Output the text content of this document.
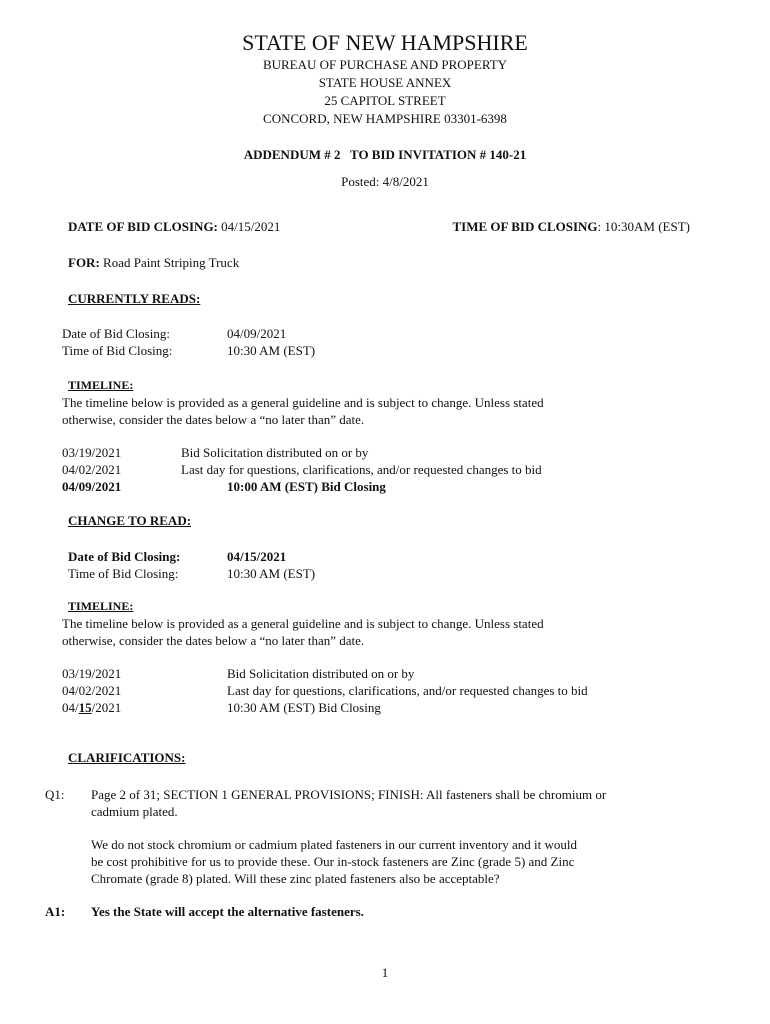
STATE OF NEW HAMPSHIRE
BUREAU OF PURCHASE AND PROPERTY
STATE HOUSE ANNEX
25 CAPITOL STREET
CONCORD, NEW HAMPSHIRE 03301-6398
ADDENDUM # 2   TO BID INVITATION # 140-21
Posted: 4/8/2021
DATE OF BID CLOSING: 04/15/2021	TIME OF BID CLOSING: 10:30AM (EST)
FOR: Road Paint Striping Truck
CURRENTLY READS:
Date of Bid Closing:	04/09/2021
Time of Bid Closing:	10:30 AM (EST)
TIMELINE:
The timeline below is provided as a general guideline and is subject to change. Unless stated
otherwise, consider the dates below a “no later than” date.
03/19/2021	Bid Solicitation distributed on or by
04/02/2021	Last day for questions, clarifications, and/or requested changes to bid
04/09/2021	10:00 AM (EST) Bid Closing
CHANGE TO READ:
Date of Bid Closing:	04/15/2021
Time of Bid Closing:	10:30 AM (EST)
TIMELINE:
The timeline below is provided as a general guideline and is subject to change. Unless stated
otherwise, consider the dates below a “no later than” date.
03/19/2021	Bid Solicitation distributed on or by
04/02/2021	Last day for questions, clarifications, and/or requested changes to bid
04/15/2021	10:30 AM (EST) Bid Closing
CLARIFICATIONS:
Q1: Page 2 of 31; SECTION 1 GENERAL PROVISIONS; FINISH: All fasteners shall be chromium or
cadmium plated.
We do not stock chromium or cadmium plated fasteners in our current inventory and it would
be cost prohibitive for us to provide these. Our in-stock fasteners are Zinc (grade 5) and Zinc
Chromate (grade 8) plated. Will these zinc plated fasteners also be acceptable?
A1: Yes the State will accept the alternative fasteners.
1
